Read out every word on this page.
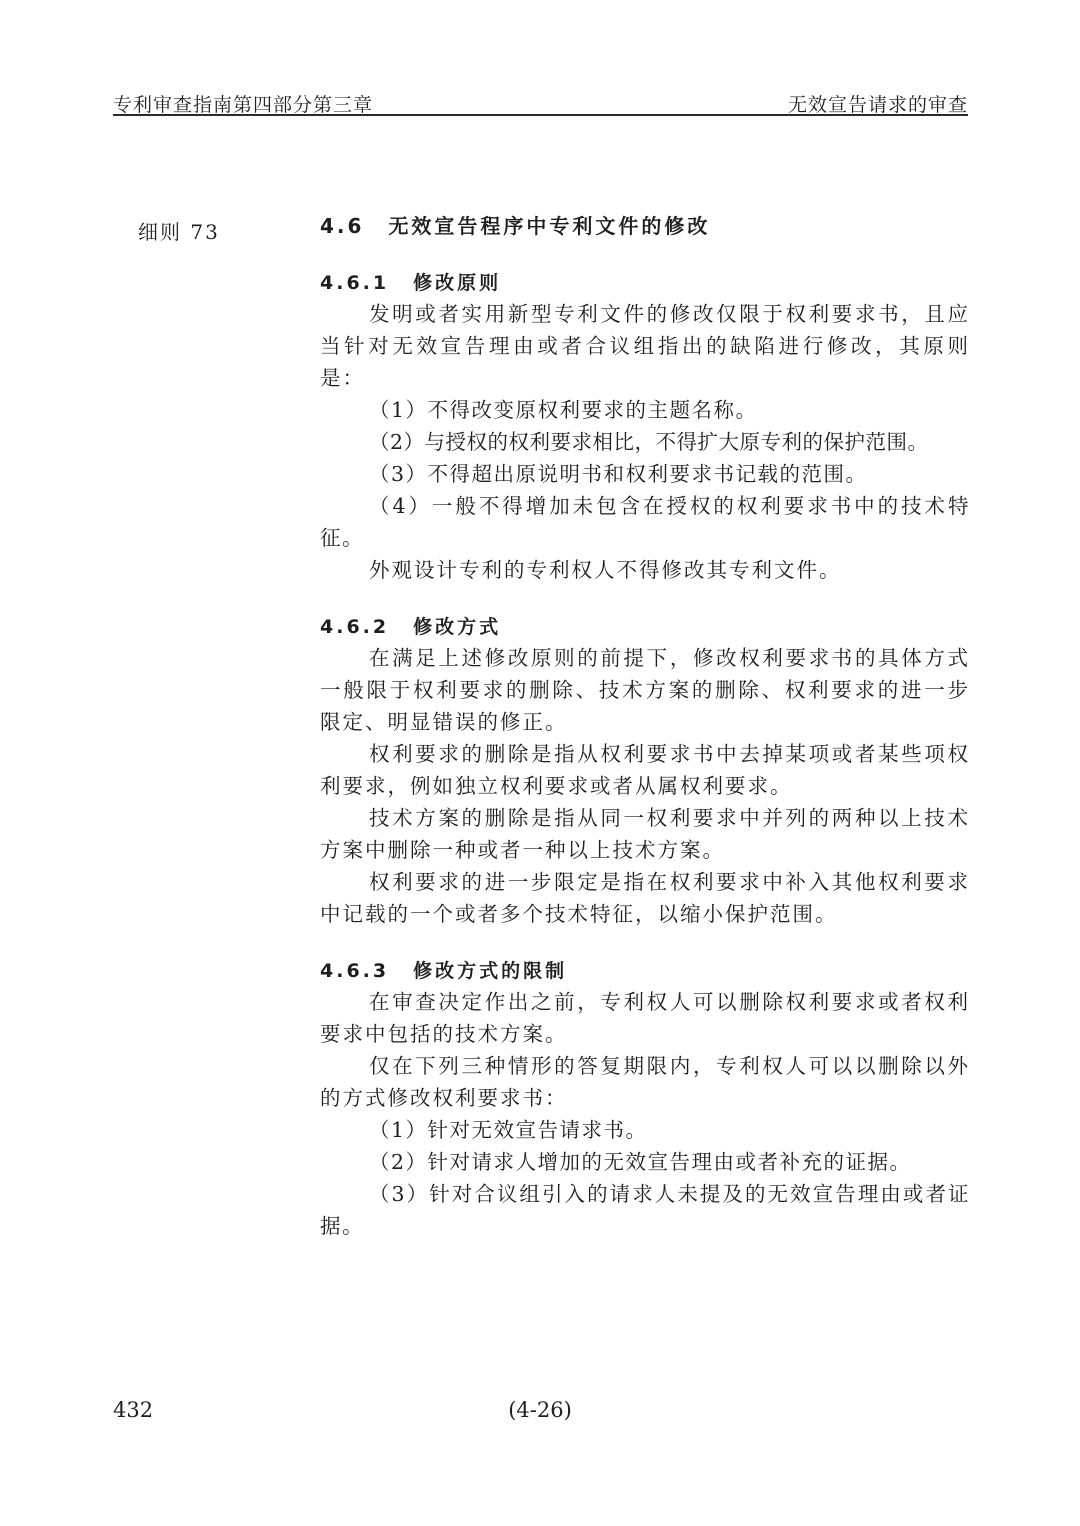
专利审查指南第四部分第三章	无效宣告请求的审查
细则 73	4.6 无效宣告程序中专利文件的修改
4.6.1 修改原则

发明或者实用新型专利文件的修改仅限于权利要求书，且应当针对无效宣告理由或者合议组指出的缺陷进行修改，其原则是：

（1）不得改变原权利要求的主题名称。

（2）与授权的权利要求相比，不得扩大原专利的保护范围。

（3）不得超出原说明书和权利要求书记载的范围。

（4）一般不得增加未包含在授权的权利要求书中的技术特征。

外观设计专利的专利权人不得修改其专利文件。

4.6.2 修改方式

在满足上述修改原则的前提下，修改权利要求书的具体方式一般限于权利要求的删除、技术方案的删除、权利要求的进一步限定、明显错误的修正。

权利要求的删除是指从权利要求书中去掉某项或者某些项权利要求，例如独立权利要求或者从属权利要求。

技术方案的删除是指从同一权利要求中并列的两种以上技术方案中删除一种或者一种以上技术方案。

权利要求的进一步限定是指在权利要求中补入其他权利要求中记载的一个或者多个技术特征，以缩小保护范围。

4.6.3 修改方式的限制

在审查决定作出之前，专利权人可以删除权利要求或者权利要求中包括的技术方案。

仅在下列三种情形的答复期限内，专利权人可以以删除以外的方式修改权利要求书：

（1）针对无效宣告请求书。

（2）针对请求人增加的无效宣告理由或者补充的证据。

（3）针对合议组引入的请求人未提及的无效宣告理由或者证据。

432	(4-26)
